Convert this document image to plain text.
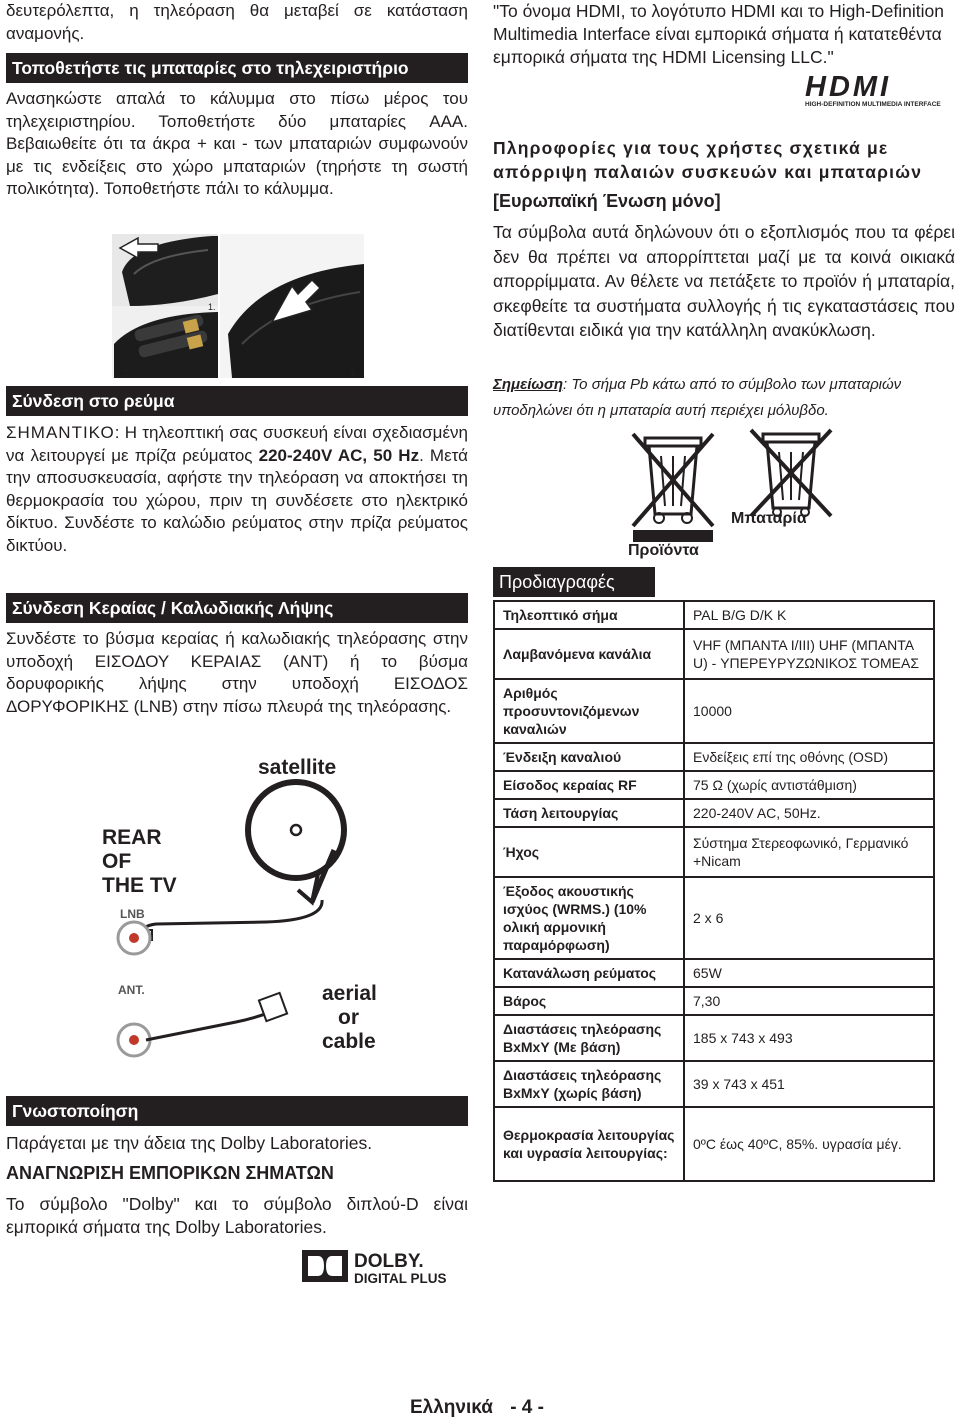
δευτερόλεπτα, η τηλεόραση θα μεταβεί σε κατάσταση αναμονής.

Τοποθετήστε τις μπαταρίες στο τηλεχειριστήριο

Ανασηκώστε απαλά το κάλυμμα στο πίσω μέρος του τηλεχειριστηρίου. Τοποθετήστε δύο μπαταρίες AAA. Βεβαιωθείτε ότι τα άκρα + και - των μπαταριών συμφωνούν με τις ενδείξεις στο χώρο μπαταριών (τηρήστε τη σωστή πολικότητα). Τοποθετήστε πάλι το κάλυμμα.

1.
2.	3.
Σύνδεση στο ρεύμα

ΣΗΜΑΝΤΙΚΟ: Η τηλεοπτική σας συσκευή είναι σχεδιασμένη να λειτουργεί με πρίζα ρεύματος 220-240V AC, 50 Hz. Μετά την αποσυσκευασία, αφήστε την τηλεόραση να αποκτήσει τη θερμοκρασία του χώρου, πριν τη συνδέσετε στο ηλεκτρικό δίκτυο. Συνδέστε το καλώδιο ρεύματος στην πρίζα ρεύματος δικτύου.

Σύνδεση Κεραίας / Καλωδιακής Λήψης

Συνδέστε το βύσμα κεραίας ή καλωδιακής τηλεόρασης στην υποδοχή ΕΙΣΟΔΟΥ ΚΕΡΑΙΑΣ (ANT) ή το βύσμα δορυφορικής λήψης στην υποδοχή ΕΙΣΟΔΟΣ ΔΟΡΥΦΟΡΙΚΗΣ (LNB) στην πίσω πλευρά της τηλεόρασης.

satellite
REAR
OF
THE TV
LNB
ANT.	aerial
or
cable
Γνωστοποίηση

Παράγεται με την άδεια της Dolby Laboratories.

ΑΝΑΓΝΩΡΙΣΗ ΕΜΠΟΡΙΚΩΝ ΣΗΜΑΤΩΝ

Το σύμβολο "Dolby" και το σύμβολο διπλού-D είναι εμπορικά σήματα της Dolby Laboratories.

DOLBY.
DIGITAL PLUS

"Το όνομα HDMI, το λογότυπο HDMI και το High-Definition Multimedia Interface είναι εμπορικά σήματα ή κατατεθέντα εμπορικά σήματα της HDMI Licensing LLC."

HDMI
HIGH-DEFINITION MULTIMEDIA INTERFACE

Πληροφορίες για τους χρήστες σχετικά με απόρριψη παλαιών συσκευών και μπαταριών

[Ευρωπαϊκή Ένωση μόνο]

Τα σύμβολα αυτά δηλώνουν ότι ο εξοπλισμός που τα φέρει δεν θα πρέπει να απορρίπτεται μαζί με τα κοινά οικιακά απορρίμματα. Αν θέλετε να πετάξετε το προϊόν ή μπαταρία, σκεφθείτε τα συστήματα συλλογής ή τις εγκαταστάσεις που διατίθενται ειδικά για την κατάλληλη ανακύκλωση.

Σημείωση: Το σήμα Pb κάτω από το σύμβολο των μπαταριών υποδηλώνει ότι η μπαταρία αυτή περιέχει μόλυβδο.

Μπαταρία

Προϊόντα

Προδιαγραφές
Τηλεοπτικό σήμα	PAL B/G D/K K
Λαμβανόμενα κανάλια	VHF (ΜΠΑΝΤΑ I/III) UHF (ΜΠΑΝΤΑ U) - ΥΠΕΡΕΥΡΥΖΩΝΙΚΟΣ ΤΟΜΕΑΣ
Αριθμός προσυντονιζόμενων καναλιών	10000
Ένδειξη καναλιού	Ενδείξεις επί της οθόνης (OSD)
Είσοδος κεραίας RF	75 Ω (χωρίς αντιστάθμιση)
Τάση λειτουργίας	220-240V AC, 50Hz.
Ήχος	Σύστημα Στερεοφωνικό, Γερμανικό +Nicam
Έξοδος ακουστικής ισχύος (WRMS.) (10% ολική αρμονική παραμόρφωση)	2 x 6
Κατανάλωση ρεύματος	65W
Βάρος	7,30
Διαστάσεις τηλεόρασης ΒxΜxΥ (Με βάση)	185 x 743 x 493
Διαστάσεις τηλεόρασης ΒxΜxΥ (χωρίς βάση)	39 x 743 x 451
Θερμοκρασία λειτουργίας και υγρασία λειτουργίας:	0ºC έως 40ºC, 85%. υγρασία μέγ.
Ελληνικά - 4 -
